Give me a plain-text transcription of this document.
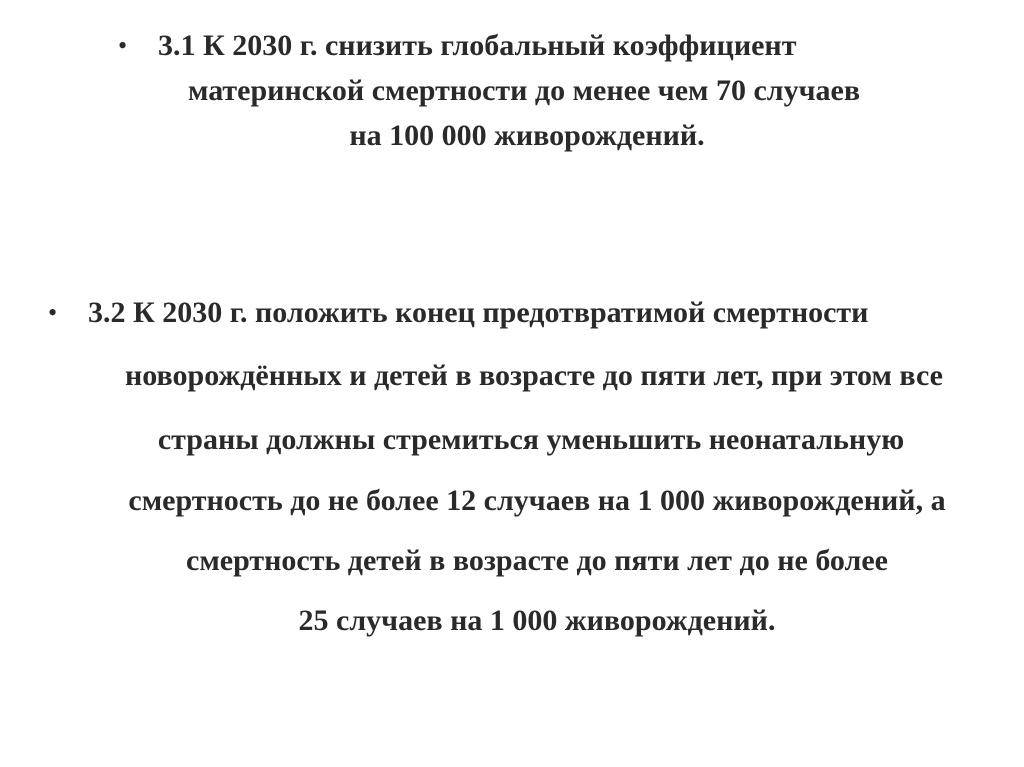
• 3.1 К 2030 г. снизить глобальный коэффициент
материнской смертности до менее чем 70 случаев
на 100 000 живорождений.
• 3.2 К 2030 г. положить конец предотвратимой смертности
новорождённых и детей в возрасте до пяти лет, при этом все
страны должны стремиться уменьшить неонатальную
смертность до не более 12 случаев на 1 000 живорождений, а
смертность детей в возрасте до пяти лет до не более
25 случаев на 1 000 живорождений.
